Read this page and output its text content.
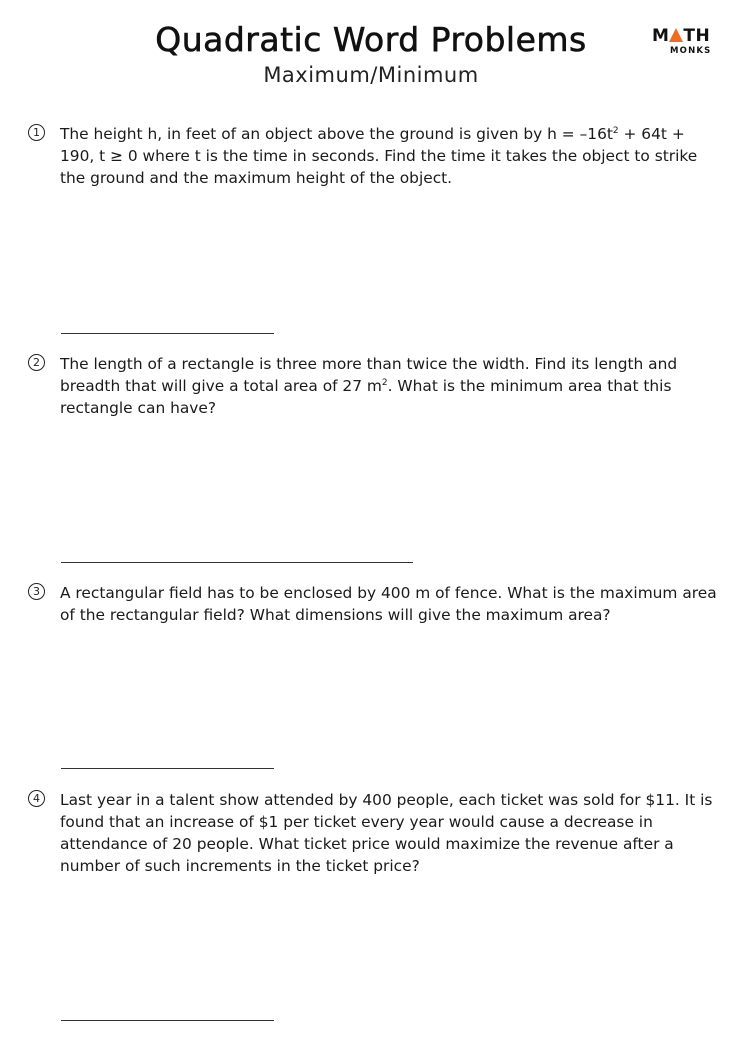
Quadratic Word Problems
Maximum/Minimum
M TH
MONKS
1	The height h, in feet of an object above the ground is given by $h = -16t^2 + 64t + 190$, t ≥ 0 where t is the time in seconds. Find the time it takes the object to strike the ground and the maximum height of the object.
2	The length of a rectangle is three more than twice the width. Find its length and breadth that will give a total area of 27 $m^2$. What is the minimum area that this rectangle can have?
3	A rectangular field has to be enclosed by 400 m of fence. What is the maximum area of the rectangular field? What dimensions will give the maximum area?
4	Last year in a talent show attended by 400 people, each ticket was sold for $11. It is found that an increase of $1 per ticket every year would cause a decrease in attendance of 20 people. What ticket price would maximize the revenue after a number of such increments in the ticket price?
